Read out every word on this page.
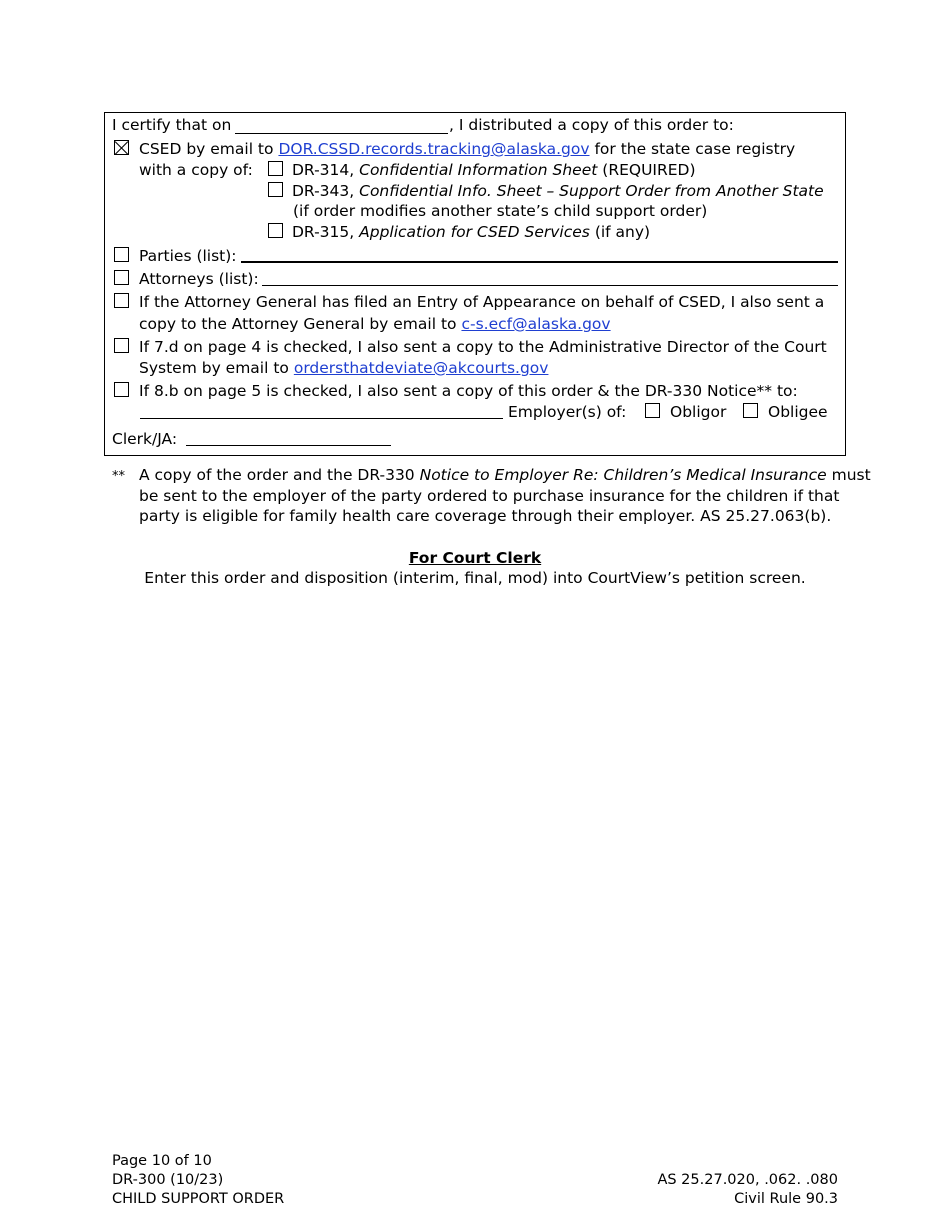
I certify that on	, I distributed a copy of this order to:
CSED by email to DOR.CSSD.records.tracking@alaska.gov for the state case registry
with a copy of:	DR-314, Confidential Information Sheet (REQUIRED)
DR-343, Confidential Info. Sheet – Support Order from Another State
(if order modifies another state’s child support order)
DR-315, Application for CSED Services (if any)
Parties (list):
Attorneys (list):
If the Attorney General has filed an Entry of Appearance on behalf of CSED, I also sent a
copy to the Attorney General by email to c-s.ecf@alaska.gov
If 7.d on page 4 is checked, I also sent a copy to the Administrative Director of the Court
System by email to ordersthatdeviate@akcourts.gov
If 8.b on page 5 is checked, I also sent a copy of this order & the DR-330 Notice** to:
Employer(s) of:	Obligor	Obligee
Clerk/JA:
** A copy of the order and the DR-330 Notice to Employer Re: Children’s Medical Insurance must
be sent to the employer of the party ordered to purchase insurance for the children if that
party is eligible for family health care coverage through their employer. AS 25.27.063(b).
For Court Clerk
Enter this order and disposition (interim, final, mod) into CourtView’s petition screen.
Page 10 of 10
DR-300 (10/23)
CHILD SUPPORT ORDER
AS 25.27.020, .062. .080
Civil Rule 90.3
